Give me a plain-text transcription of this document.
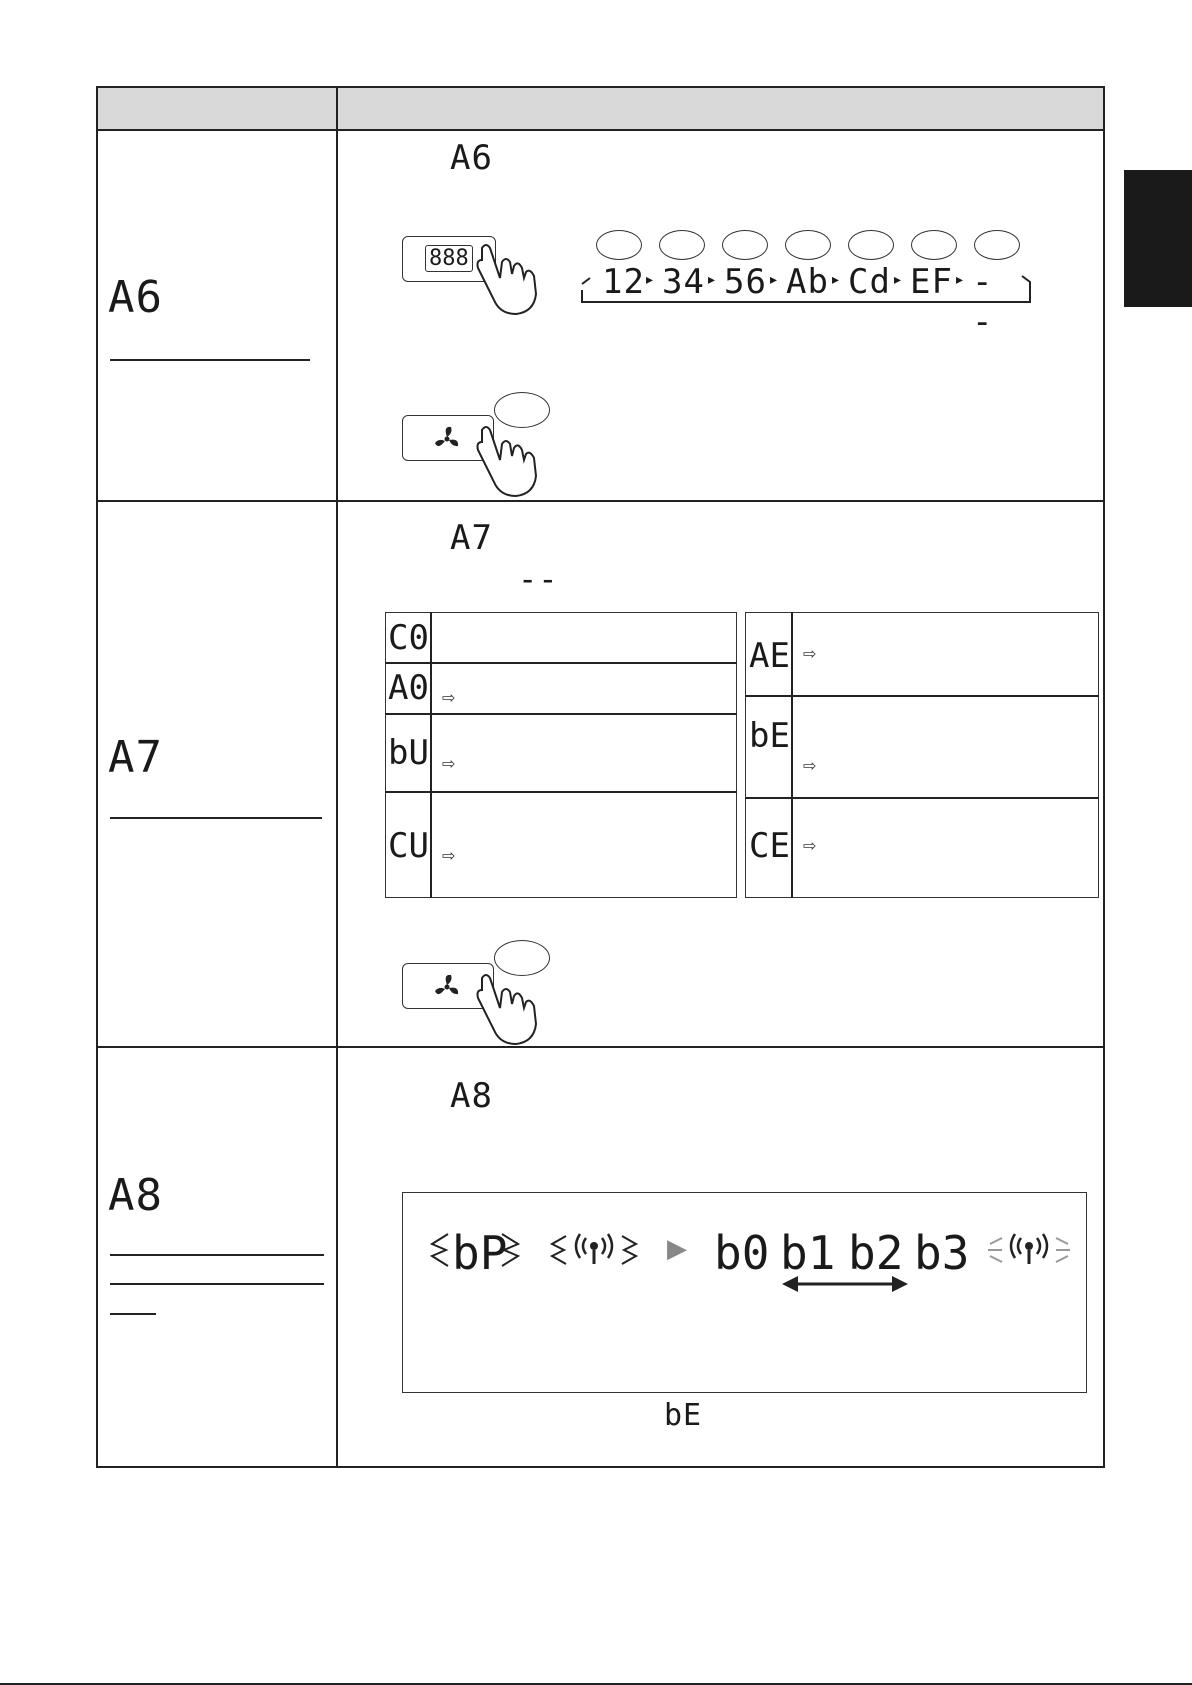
A6
A6
888
12 ▸ 34 ▸ 56 ▸ Ab ▸ Cd ▸ EF ▸ --
A7
A7
--
C0
A0 ⇨
bU ⇨
CU ⇨
AE ⇨
bE
⇨
CE ⇨
A8
A8
bP	▶ b0 b1 b2 b3
bE
